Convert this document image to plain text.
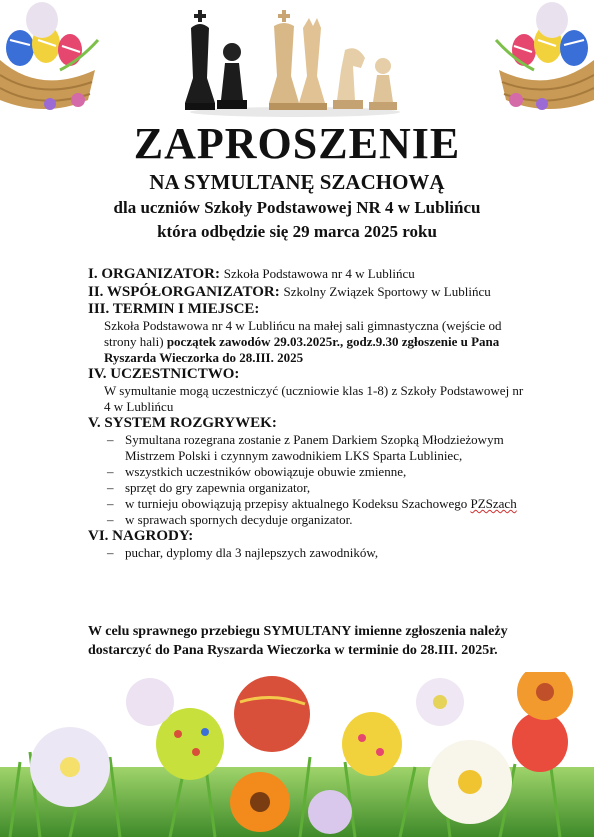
ZAPROSZENIE
NA SYMULTANĘ SZACHOWĄ
dla uczniów Szkoły Podstawowej NR 4 w Lublińcu
która odbędzie się 29 marca 2025 roku
I. ORGANIZATOR: Szkoła Podstawowa nr 4 w Lublińcu
II. WSPÓŁORGANIZATOR: Szkolny Związek Sportowy w Lublińcu
III. TERMIN I MIEJSCE:
Szkoła Podstawowa nr 4 w Lublińcu na małej sali gimnastyczna (wejście od strony hali) początek zawodów 29.03.2025r., godz.9.30 zgłoszenie u Pana Ryszarda Wieczorka do 28.III. 2025
IV. UCZESTNICTWO:
W symultanie mogą uczestniczyć (uczniowie klas 1-8) z Szkoły Podstawowej nr 4 w Lublińcu
V. SYSTEM ROZGRYWEK:
– Symultana rozegrana zostanie z Panem Darkiem Szopką Młodzieżowym Mistrzem Polski i czynnym zawodnikiem LKS Sparta Lubliniec,
– wszystkich uczestników obowiązuje obuwie zmienne,
– sprzęt do gry zapewnia organizator,
– w turnieju obowiązują przepisy aktualnego Kodeksu Szachowego PZSzach
– w sprawach spornych decyduje organizator.
VI. NAGRODY:
– puchar, dyplomy dla 3 najlepszych zawodników,
W celu sprawnego przebiegu SYMULTANY imienne zgłoszenia należy dostarczyć do Pana Ryszarda Wieczorka w terminie do 28.III. 2025r.
